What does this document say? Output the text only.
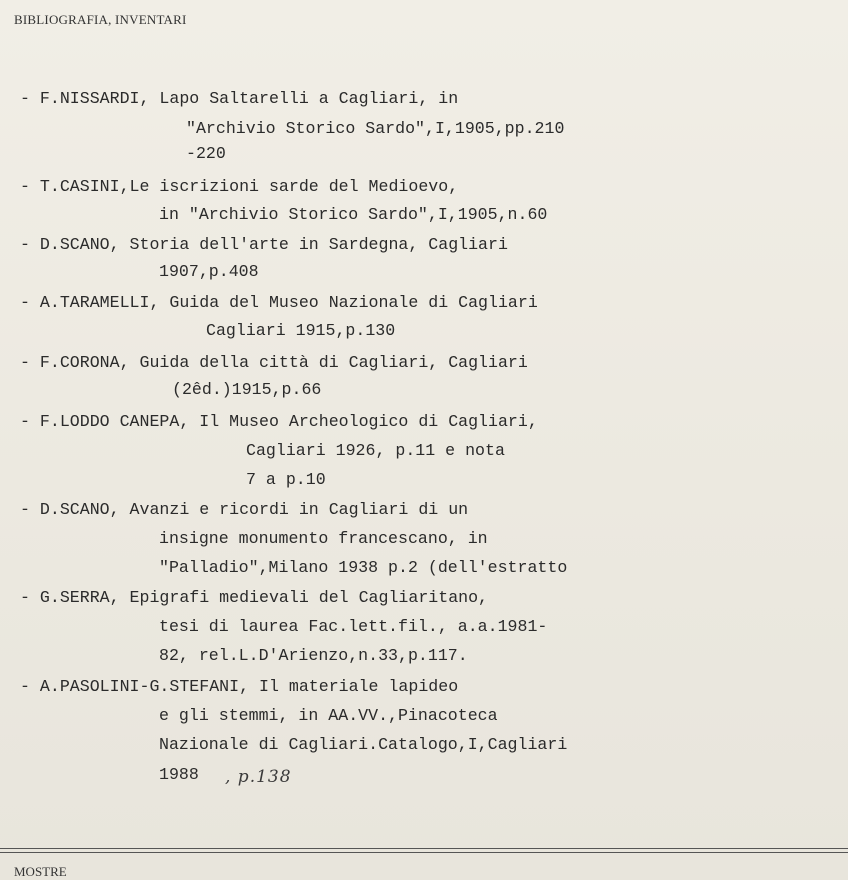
BIBLIOGRAFIA, INVENTARI
- F.NISSARDI, Lapo Saltarelli a Cagliari, in
"Archivio Storico Sardo",I,1905,pp.210
-220
- T.CASINI,Le iscrizioni sarde del Medioevo,
in "Archivio Storico Sardo",I,1905,n.60
- D.SCANO, Storia dell'arte in Sardegna, Cagliari
1907,p.408
- A.TARAMELLI, Guida del Museo Nazionale di Cagliari
Cagliari 1915,p.130
- F.CORONA, Guida della città di Cagliari, Cagliari
(2êd.)1915,p.66
- F.LODDO CANEPA, Il Museo Archeologico di Cagliari,
Cagliari 1926, p.11 e nota
7 a p.10
- D.SCANO, Avanzi e ricordi in Cagliari di un
insigne monumento francescano, in
"Palladio",Milano 1938 p.2 (dell'estratto
- G.SERRA, Epigrafi medievali del Cagliaritano,
tesi di laurea Fac.lett.fil., a.a.1981-
82, rel.L.D'Arienzo,n.33,p.117.
- A.PASOLINI-G.STEFANI, Il materiale lapideo
e gli stemmi, in AA.VV.,Pinacoteca
Nazionale di Cagliari.Catalogo,I,Cagliari
1988 , p.138
MOSTRE
